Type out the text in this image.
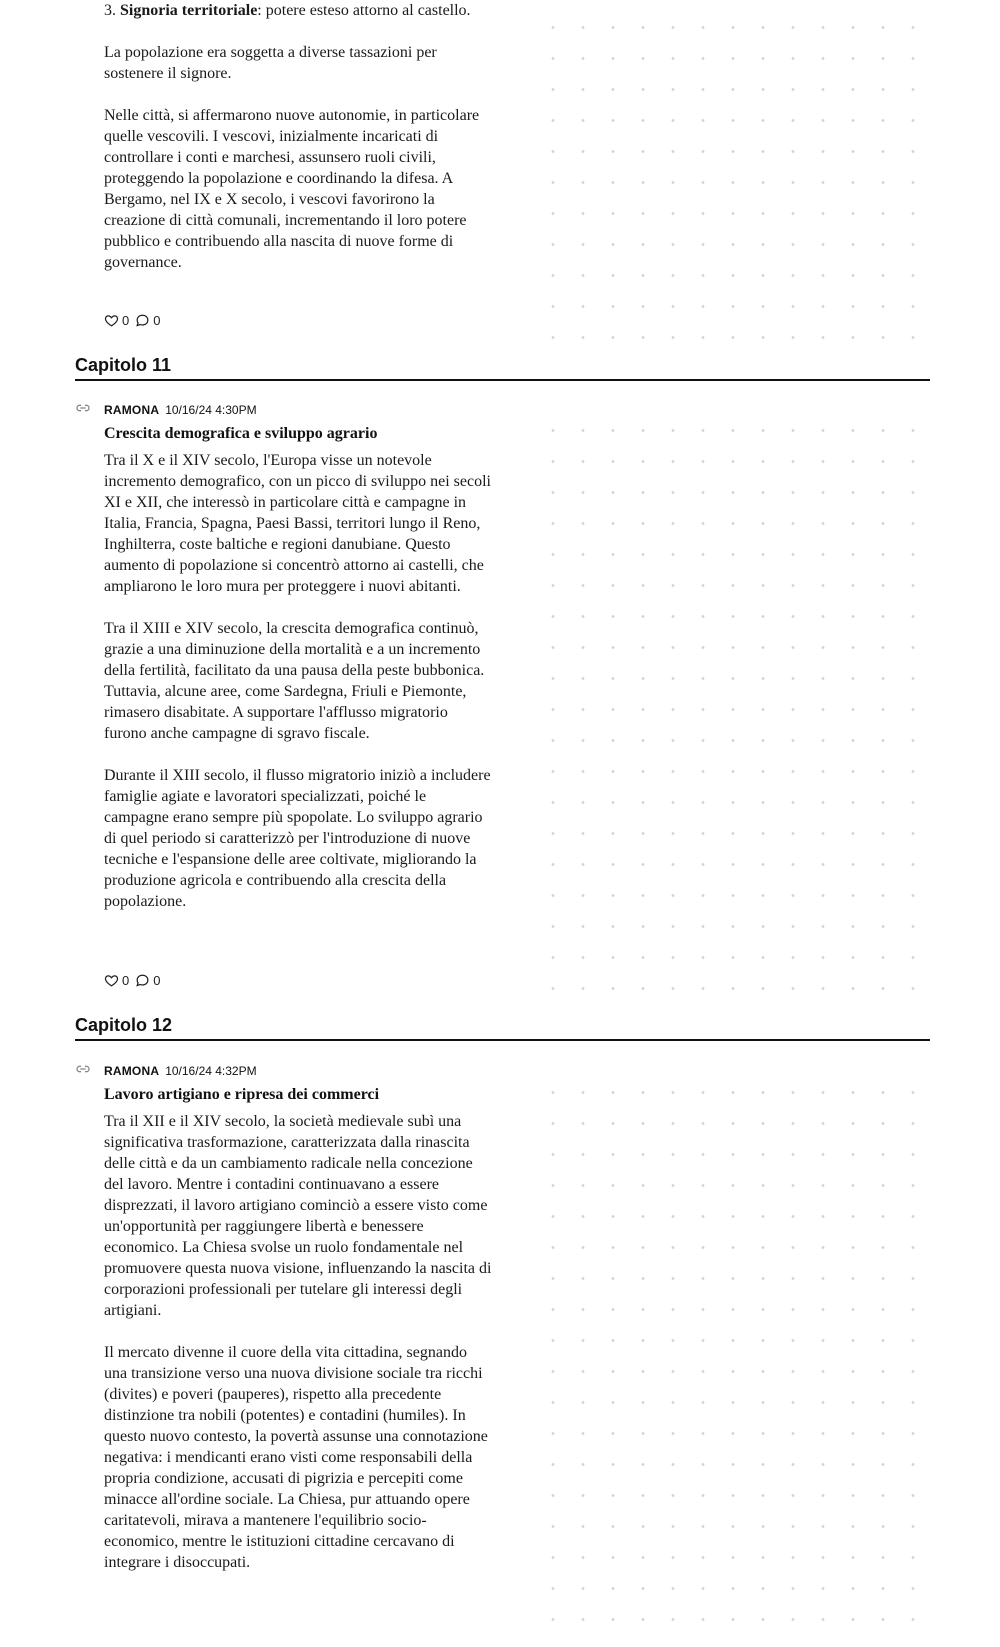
3. Signoria territoriale: potere esteso attorno al castello.

La popolazione era soggetta a diverse tassazioni per sostenere il signore.

Nelle città, si affermarono nuove autonomie, in particolare quelle vescovili. I vescovi, inizialmente incaricati di controllare i conti e marchesi, assunsero ruoli civili, proteggendo la popolazione e coordinando la difesa. A Bergamo, nel IX e X secolo, i vescovi favorirono la creazione di città comunali, incrementando il loro potere pubblico e contribuendo alla nascita di nuove forme di governance.

0 0
Capitolo 11
RAMONA 10/16/24 4:30PM
Crescita demografica e sviluppo agrario

Tra il X e il XIV secolo, l'Europa visse un notevole incremento demografico, con un picco di sviluppo nei secoli XI e XII, che interessò in particolare città e campagne in Italia, Francia, Spagna, Paesi Bassi, territori lungo il Reno, Inghilterra, coste baltiche e regioni danubiane. Questo aumento di popolazione si concentrò attorno ai castelli, che ampliarono le loro mura per proteggere i nuovi abitanti.

Tra il XIII e XIV secolo, la crescita demografica continuò, grazie a una diminuzione della mortalità e a un incremento della fertilità, facilitato da una pausa della peste bubbonica. Tuttavia, alcune aree, come Sardegna, Friuli e Piemonte, rimasero disabitate. A supportare l'afflusso migratorio furono anche campagne di sgravo fiscale.

Durante il XIII secolo, il flusso migratorio iniziò a includere famiglie agiate e lavoratori specializzati, poiché le campagne erano sempre più spopolate. Lo sviluppo agrario di quel periodo si caratterizzò per l'introduzione di nuove tecniche e l'espansione delle aree coltivate, migliorando la produzione agricola e contribuendo alla crescita della popolazione.

0 0
Capitolo 12
RAMONA 10/16/24 4:32PM
Lavoro artigiano e ripresa dei commerci

Tra il XII e il XIV secolo, la società medievale subì una significativa trasformazione, caratterizzata dalla rinascita delle città e da un cambiamento radicale nella concezione del lavoro. Mentre i contadini continuavano a essere disprezzati, il lavoro artigiano cominciò a essere visto come un'opportunità per raggiungere libertà e benessere economico. La Chiesa svolse un ruolo fondamentale nel promuovere questa nuova visione, influenzando la nascita di corporazioni professionali per tutelare gli interessi degli artigiani.

Il mercato divenne il cuore della vita cittadina, segnando una transizione verso una nuova divisione sociale tra ricchi (divites) e poveri (pauperes), rispetto alla precedente distinzione tra nobili (potentes) e contadini (humiles). In questo nuovo contesto, la povertà assunse una connotazione negativa: i mendicanti erano visti come responsabili della propria condizione, accusati di pigrizia e percepiti come minacce all'ordine sociale. La Chiesa, pur attuando opere caritatevoli, mirava a mantenere l'equilibrio socio-economico, mentre le istituzioni cittadine cercavano di integrare i disoccupati.
